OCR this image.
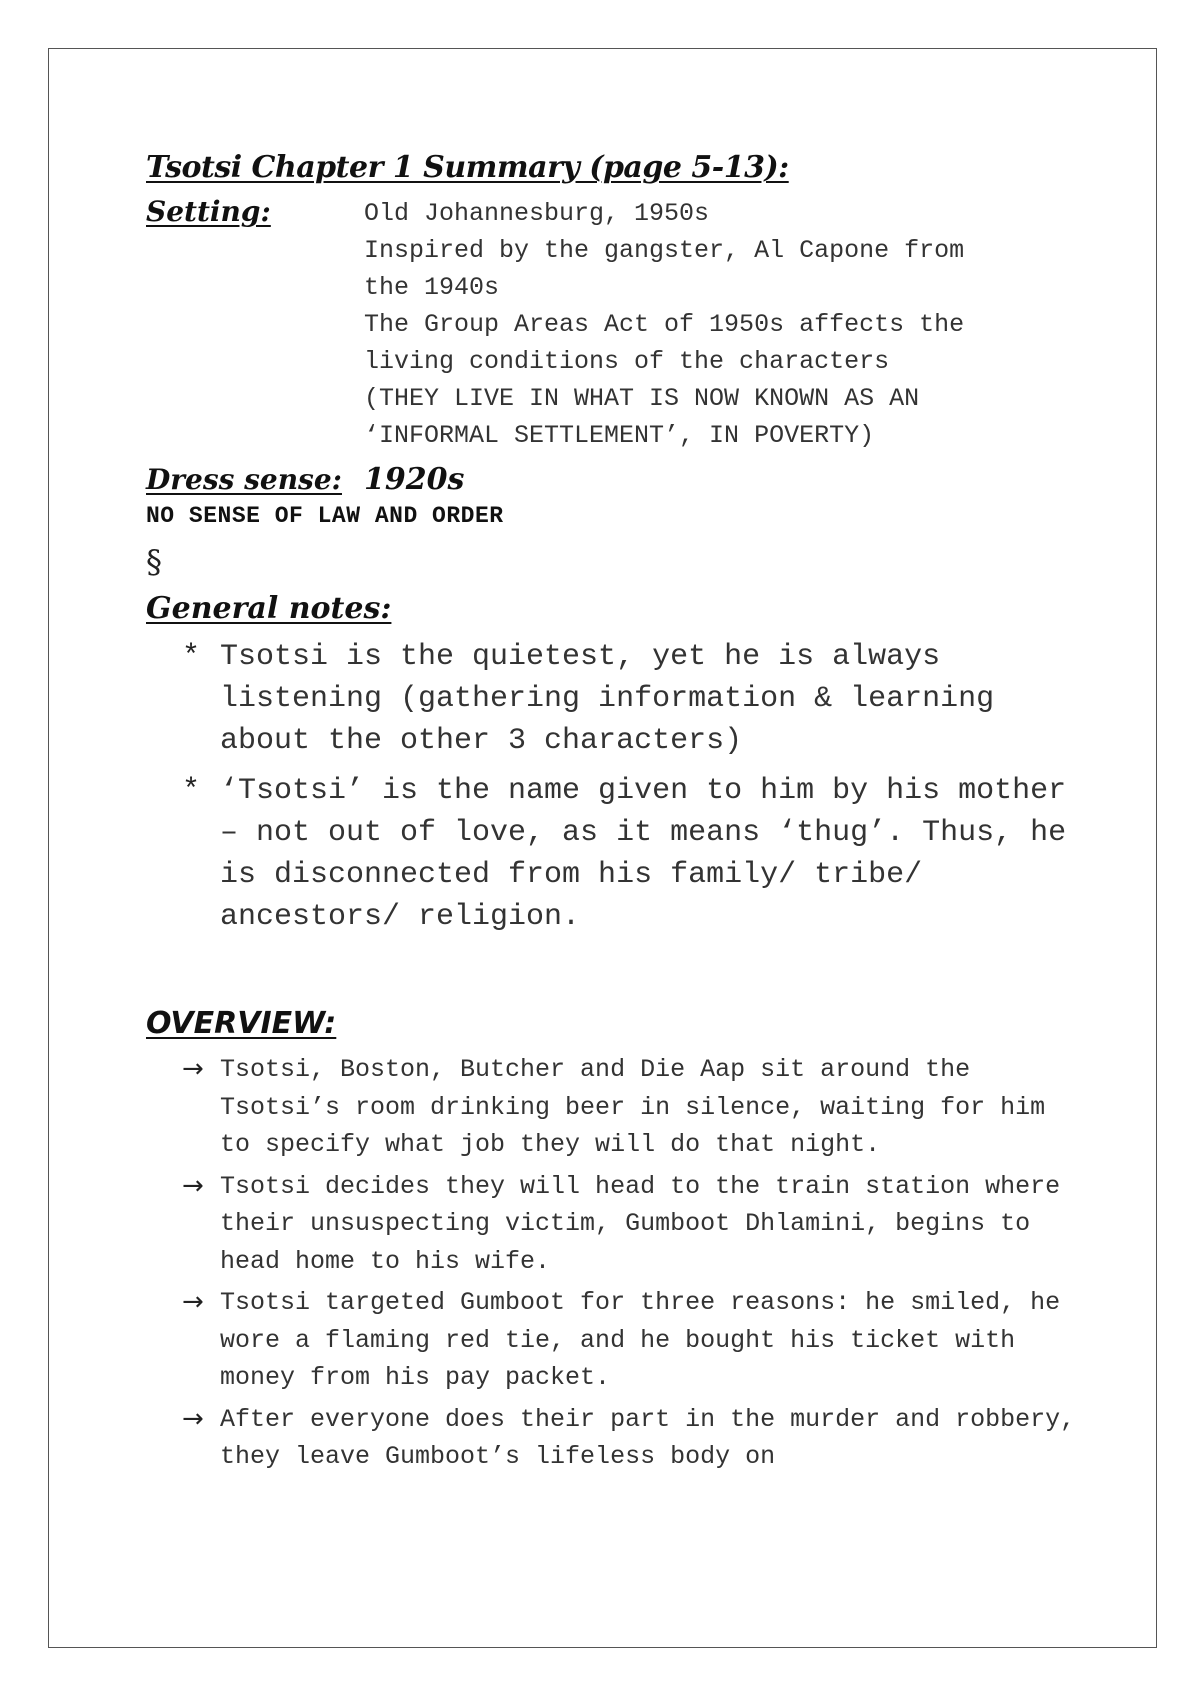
Tsotsi Chapter 1 Summary (page 5-13):
Setting:	Old Johannesburg, 1950s
Inspired by the gangster, Al Capone from
the 1940s
The Group Areas Act of 1950s affects the
living conditions of the characters
(THEY LIVE IN WHAT IS NOW KNOWN AS AN
‘INFORMAL SETTLEMENT’, IN POVERTY)
Dress sense: 1920s
NO SENSE OF LAW AND ORDER
§
General notes:
* Tsotsi is the quietest, yet he is always listening (gathering information & learning about the other 3 characters)
* ‘Tsotsi’ is the name given to him by his mother – not out of love, as it means ‘thug’. Thus, he is disconnected from his family/ tribe/ ancestors/ religion.
OVERVIEW:
→ Tsotsi, Boston, Butcher and Die Aap sit around the Tsotsi’s room drinking beer in silence, waiting for him to specify what job they will do that night.
→ Tsotsi decides they will head to the train station where their unsuspecting victim, Gumboot Dhlamini, begins to head home to his wife.
→ Tsotsi targeted Gumboot for three reasons: he smiled, he wore a flaming red tie, and he bought his ticket with money from his pay packet.
→ After everyone does their part in the murder and robbery, they leave Gumboot’s lifeless body on
